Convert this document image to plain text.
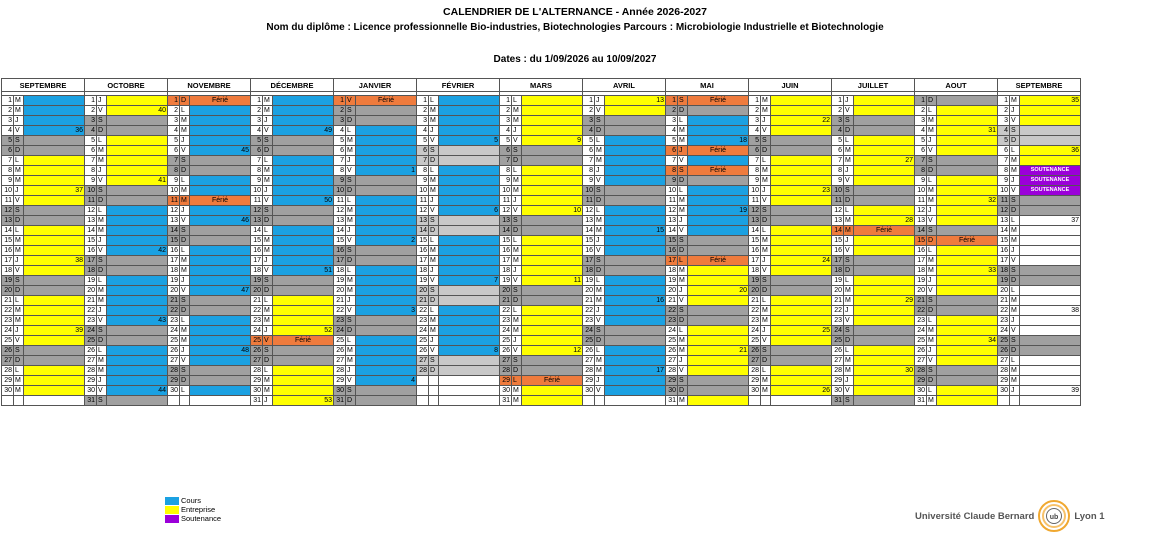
CALENDRIER DE L'ALTERNANCE - Année 2026-2027
Nom du diplôme : Licence professionnelle Bio-industries, Biotechnologies Parcours : Microbiologie Industrielle et Biotechnologie
Dates : du 1/09/2026 au 10/09/2027
SEPTEMBRE			OCTOBRE			NOVEMBRE			DÉCEMBRE			JANVIER			FÉVRIER			MARS			AVRIL			MAI			JUIN			JUILLET			AOUT			SEPTEMBRE		

1	M		1	J		1	D	Férié	1	M		1	V	Férié	1	L		1	L		1	J	13	1	S	Férié	1	M		1	J		1	D		1	M	35
2	M		2	V	40	2	L		2	M		2	S		2	M		2	M		2	V		2	D		2	M		2	V		2	L		2	J	
3	J		3	S		3	M		3	J		3	D		3	M		3	M		3	S		3	L		3	J	22	3	S		3	M		3	V	
4	V	36	4	D		4	M		4	V	49	4	L		4	J		4	J		4	D		4	M		4	V		4	D		4	M	31	4	S	
5	S		5	L		5	J		5	S		5	M		5	V	5	5	V	9	5	L		5	M	18	5	S		5	L		5	J		5	D	
6	D		6	M		6	V	45	6	D		6	M		6	S		6	S		6	M		6	J	Férié	6	D		6	M		6	V		6	L	36
7	L		7	M		7	S		7	L		7	J		7	D		7	D		7	M		7	V		7	L		7	M	27	7	S		7	M	
8	M		8	J		8	D		8	M		8	V	1	8	L		8	L		8	J		8	S	Férié	8	M		8	J		8	D		8	M	SOUTENANCE
9	M		9	V	41	9	L		9	M		9	S		9	M		9	M		9	V		9	D		9	M		9	V		9	L		9	J	SOUTENANCE
10	J	37	10	S		10	M		10	J		10	D		10	M		10	M		10	S		10	L		10	J	23	10	S		10	M		10	V	SOUTENANCE
11	V		11	D		11	M	Férié	11	V	50	11	L		11	J		11	J		11	D		11	M		11	V		11	D		11	M	32	11	S	
12	S		12	L		12	J		12	S		12	M		12	V	6	12	V	10	12	L		12	M	19	12	S		12	L		12	J		12	D	
13	D		13	M		13	V	46	13	D		13	M		13	S		13	S		13	M		13	J		13	D		13	M	28	13	V		13	L	37
14	L		14	M		14	S		14	L		14	J		14	D		14	D		14	M	15	14	V		14	L		14	M	Férié	14	S		14	M	
15	M		15	J		15	D		15	M		15	V	2	15	L		15	L		15	J		15	S		15	M		15	J		15	D	Férié	15	M	
16	M		16	V	42	16	L		16	M		16	S		16	M		16	M		16	V		16	D		16	M		16	V		16	L		16	J	
17	J	38	17	S		17	M		17	J		17	D		17	M		17	M		17	S		17	L	Férié	17	J	24	17	S		17	M		17	V	
18	V		18	D		18	M		18	V	51	18	L		18	J		18	J		18	D		18	M		18	V		18	D		18	M	33	18	S	
19	S		19	L		19	J		19	S		19	M		19	V	7	19	V	11	19	L		19	M		19	S		19	L		19	J		19	D	
20	D		20	M		20	V	47	20	D		20	M		20	S		20	S		20	M		20	J	20	20	D		20	M		20	V		20	L	
21	L		21	M		21	S		21	L		21	J		21	D		21	D		21	M	16	21	V		21	L		21	M	29	21	S		21	M	
22	M		22	J		22	D		22	M		22	V	3	22	L		22	L		22	J		22	S		22	M		22	J		22	D		22	M	38
23	M		23	V	43	23	L		23	M		23	S		23	M		23	M		23	V		23	D		23	M		23	V		23	L		23	J	
24	J	39	24	S		24	M		24	J	52	24	D		24	M		24	M		24	S		24	L		24	J	25	24	S		24	M		24	V	
25	V		25	D		25	M		25	V	Férié	25	L		25	J		25	J		25	D		25	M		25	V		25	D		25	M	34	25	S	
26	S		26	L		26	J	48	26	S		26	M		26	V	8	26	V	12	26	L		26	M	21	26	S		26	L		26	J		26	D	
27	D		27	M		27	V		27	D		27	M		27	S		27	S		27	M		27	J		27	D		27	M		27	V		27	L	
28	L		28	M		28	S		28	L		28	J		28	D		28	D		28	M	17	28	V		28	L		28	M	30	28	S		28	M	
29	M		29	J		29	D		29	M		29	V	4				29	L	Férié	29	J		29	S		29	M		29	J		29	D		29	M	
30	M		30	V	44	30	L		30	M		30	S					30	M		30	V		30	D		30	M	26	30	V		30	L		30	J	39
			31	S					31	J	53	31	D					31	M					31	M					31	S		31	M				
Cours
Entreprise
Soutenance	Université Claude Bernard ub Lyon 1
